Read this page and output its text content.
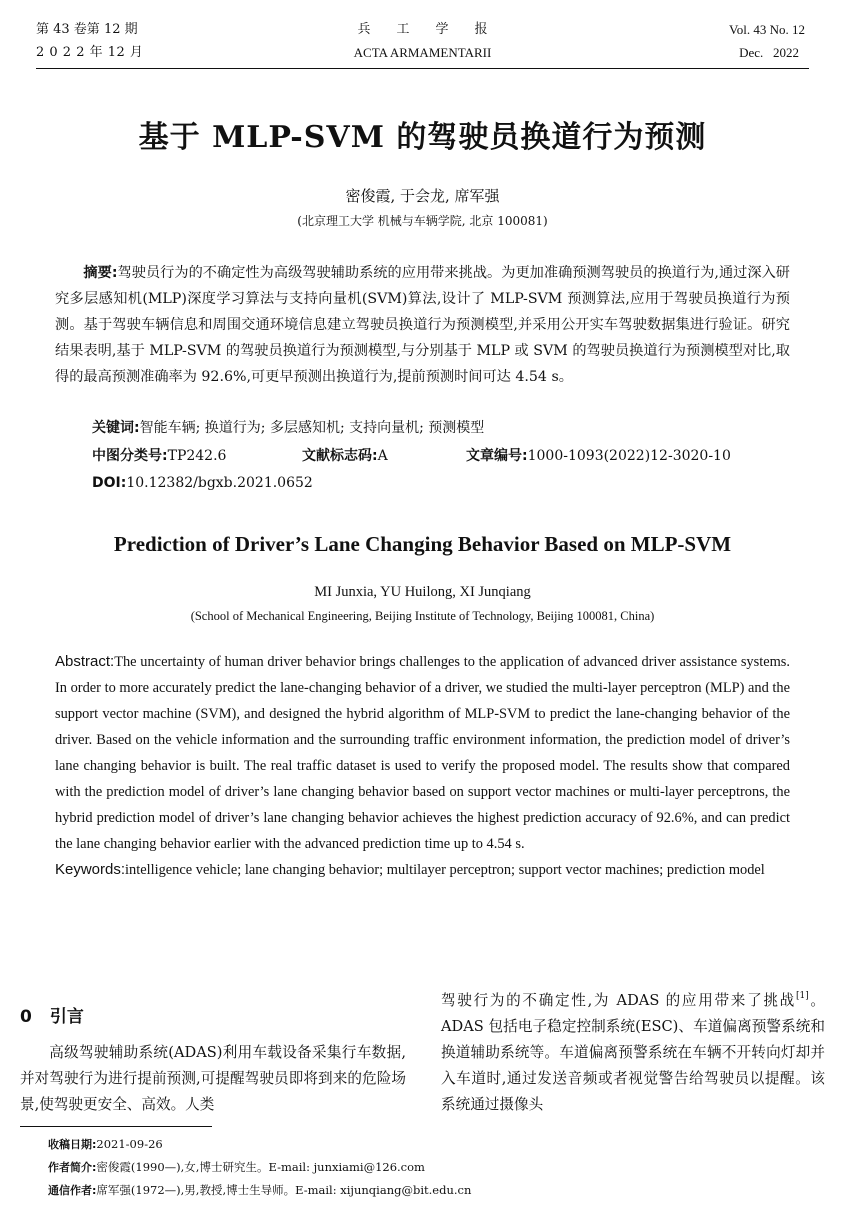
第 43 卷第 12 期
2 0 2 2 年 12 月
兵　　工　　学　　报
ACTA ARMAMENTARII
Vol. 43 No. 12
Dec.   2022
基于 MLP-SVM 的驾驶员换道行为预测
密俊霞, 于会龙, 席军强
(北京理工大学 机械与车辆学院, 北京 100081)

摘要:驾驶员行为的不确定性为高级驾驶辅助系统的应用带来挑战。为更加准确预测驾驶员的换道行为,通过深入研究多层感知机(MLP)深度学习算法与支持向量机(SVM)算法,设计了 MLP-SVM 预测算法,应用于驾驶员换道行为预测。基于驾驶车辆信息和周围交通环境信息建立驾驶员换道行为预测模型,并采用公开实车驾驶数据集进行验证。研究结果表明,基于 MLP-SVM 的驾驶员换道行为预测模型,与分别基于 MLP 或 SVM 的驾驶员换道行为预测模型对比,取得的最高预测准确率为 92.6%,可更早预测出换道行为,提前预测时间可达 4.54 s。

关键词:智能车辆; 换道行为; 多层感知机; 支持向量机; 预测模型
中图分类号:TP242.6	文献标志码:A	文章编号:1000-1093(2022)12-3020-10
DOI:10.12382/bgxb.2021.0652
Prediction of Driver’s Lane Changing Behavior Based on MLP-SVM
MI Junxia, YU Huilong, XI Junqiang
(School of Mechanical Engineering, Beijing Institute of Technology, Beijing 100081, China)

Abstract:The uncertainty of human driver behavior brings challenges to the application of advanced driver assistance systems. In order to more accurately predict the lane-changing behavior of a driver, we studied the multi-layer perceptron (MLP) and the support vector machine (SVM), and designed the hybrid algorithm of MLP-SVM to predict the lane-changing behavior of the driver. Based on the vehicle information and the surrounding traffic environment information, the prediction model of driver’s lane changing behavior is built. The real traffic dataset is used to verify the proposed model. The results show that compared with the prediction model of driver’s lane changing behavior based on support vector machines or multi-layer perceptrons, the hybrid prediction model of driver’s lane changing behavior achieves the highest prediction accuracy of 92.6%, and can predict the lane changing behavior earlier with the advanced prediction time up to 4.54 s.

Keywords:intelligence vehicle; lane changing behavior; multilayer perceptron; support vector machines; prediction model

0 引言

高级驾驶辅助系统(ADAS)利用车载设备采集行车数据,并对驾驶行为进行提前预测,可提醒驾驶员即将到来的危险场景,使驾驶更安全、高效。人类

驾驶行为的不确定性,为 ADAS 的应用带来了挑战[1]。ADAS 包括电子稳定控制系统(ESC)、车道偏离预警系统和换道辅助系统等。车道偏离预警系统在车辆不开转向灯却并入车道时,通过发送音频或者视觉警告给驾驶员以提醒。该系统通过摄像头

收稿日期:2021-09-26
作者简介:密俊霞(1990—),女,博士研究生。E-mail: junxiami@126.com
通信作者:席军强(1972—),男,教授,博士生导师。E-mail: xijunqiang@bit.edu.cn
